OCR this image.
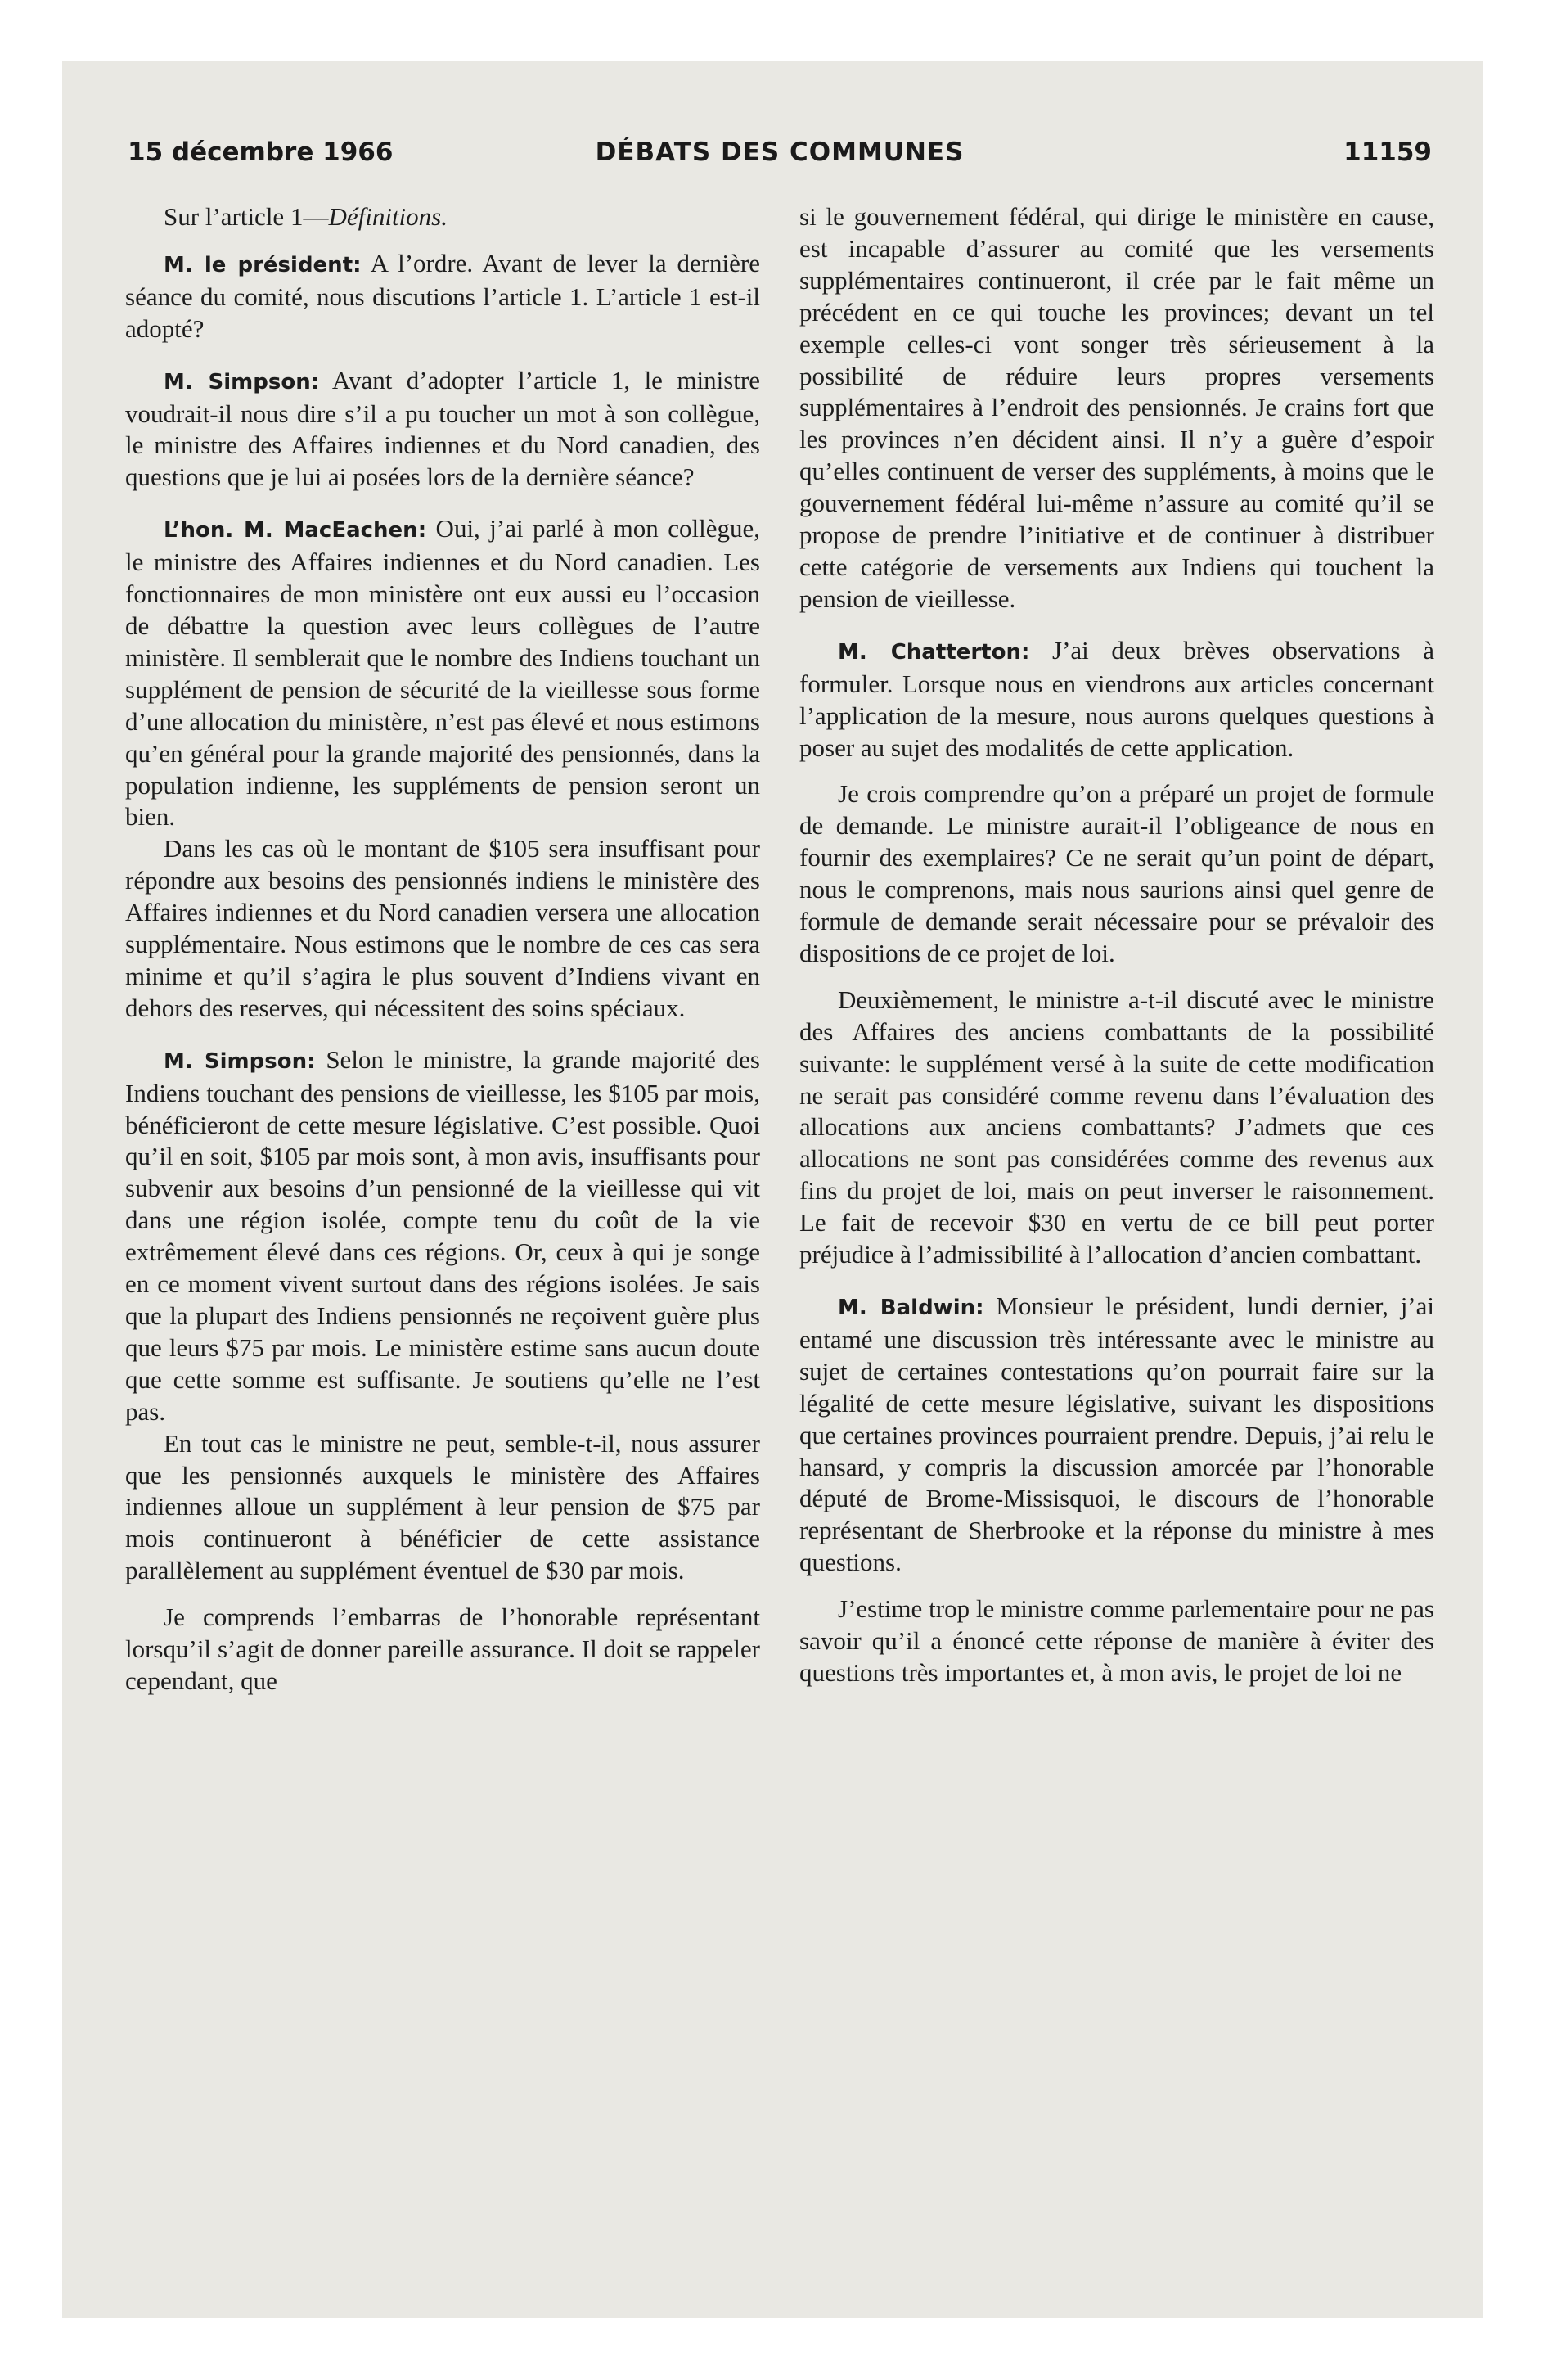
15 décembre 1966	DÉBATS DES COMMUNES	11159

Sur l’article 1—Définitions.

M. le président: A l’ordre. Avant de lever la dernière séance du comité, nous discutions l’article 1. L’article 1 est-il adopté?

M. Simpson: Avant d’adopter l’article 1, le ministre voudrait-il nous dire s’il a pu toucher un mot à son collègue, le ministre des Affaires indiennes et du Nord canadien, des questions que je lui ai posées lors de la dernière séance?

L’hon. M. MacEachen: Oui, j’ai parlé à mon collègue, le ministre des Affaires indiennes et du Nord canadien. Les fonctionnaires de mon ministère ont eux aussi eu l’occasion de débattre la question avec leurs collègues de l’autre ministère. Il semblerait que le nombre des Indiens touchant un supplément de pension de sécurité de la vieillesse sous forme d’une allocation du ministère, n’est pas élevé et nous estimons qu’en général pour la grande majorité des pensionnés, dans la population indienne, les suppléments de pension seront un bien.

Dans les cas où le montant de $105 sera insuffisant pour répondre aux besoins des pensionnés indiens le ministère des Affaires indiennes et du Nord canadien versera une allocation supplémentaire. Nous estimons que le nombre de ces cas sera minime et qu’il s’agira le plus souvent d’Indiens vivant en dehors des reserves, qui nécessitent des soins spéciaux.

M. Simpson: Selon le ministre, la grande majorité des Indiens touchant des pensions de vieillesse, les $105 par mois, bénéficieront de cette mesure législative. C’est possible. Quoi qu’il en soit, $105 par mois sont, à mon avis, insuffisants pour subvenir aux besoins d’un pensionné de la vieillesse qui vit dans une région isolée, compte tenu du coût de la vie extrêmement élevé dans ces régions. Or, ceux à qui je songe en ce moment vivent surtout dans des régions isolées. Je sais que la plupart des Indiens pensionnés ne reçoivent guère plus que leurs $75 par mois. Le ministère estime sans aucun doute que cette somme est suffisante. Je soutiens qu’elle ne l’est pas.

En tout cas le ministre ne peut, semble-t-il, nous assurer que les pensionnés auxquels le ministère des Affaires indiennes alloue un supplément à leur pension de $75 par mois continueront à bénéficier de cette assistance parallèlement au supplément éventuel de $30 par mois.

Je comprends l’embarras de l’honorable représentant lorsqu’il s’agit de donner pareille assurance. Il doit se rappeler cependant, que

si le gouvernement fédéral, qui dirige le ministère en cause, est incapable d’assurer au comité que les versements supplémentaires continueront, il crée par le fait même un précédent en ce qui touche les provinces; devant un tel exemple celles-ci vont songer très sérieusement à la possibilité de réduire leurs propres versements supplémentaires à l’endroit des pensionnés. Je crains fort que les provinces n’en décident ainsi. Il n’y a guère d’espoir qu’elles continuent de verser des suppléments, à moins que le gouvernement fédéral lui-même n’assure au comité qu’il se propose de prendre l’initiative et de continuer à distribuer cette catégorie de versements aux Indiens qui touchent la pension de vieillesse.

M. Chatterton: J’ai deux brèves observations à formuler. Lorsque nous en viendrons aux articles concernant l’application de la mesure, nous aurons quelques questions à poser au sujet des modalités de cette application.

Je crois comprendre qu’on a préparé un projet de formule de demande. Le ministre aurait-il l’obligeance de nous en fournir des exemplaires? Ce ne serait qu’un point de départ, nous le comprenons, mais nous saurions ainsi quel genre de formule de demande serait nécessaire pour se prévaloir des dispositions de ce projet de loi.

Deuxièmement, le ministre a-t-il discuté avec le ministre des Affaires des anciens combattants de la possibilité suivante: le supplément versé à la suite de cette modification ne serait pas considéré comme revenu dans l’évaluation des allocations aux anciens combattants? J’admets que ces allocations ne sont pas considérées comme des revenus aux fins du projet de loi, mais on peut inverser le raisonnement. Le fait de recevoir $30 en vertu de ce bill peut porter préjudice à l’admissibilité à l’allocation d’ancien combattant.

M. Baldwin: Monsieur le président, lundi dernier, j’ai entamé une discussion très intéressante avec le ministre au sujet de certaines contestations qu’on pourrait faire sur la légalité de cette mesure législative, suivant les dispositions que certaines provinces pourraient prendre. Depuis, j’ai relu le hansard, y compris la discussion amorcée par l’honorable député de Brome-Missisquoi, le discours de l’honorable représentant de Sherbrooke et la réponse du ministre à mes questions.

J’estime trop le ministre comme parlementaire pour ne pas savoir qu’il a énoncé cette réponse de manière à éviter des questions très importantes et, à mon avis, le projet de loi ne
